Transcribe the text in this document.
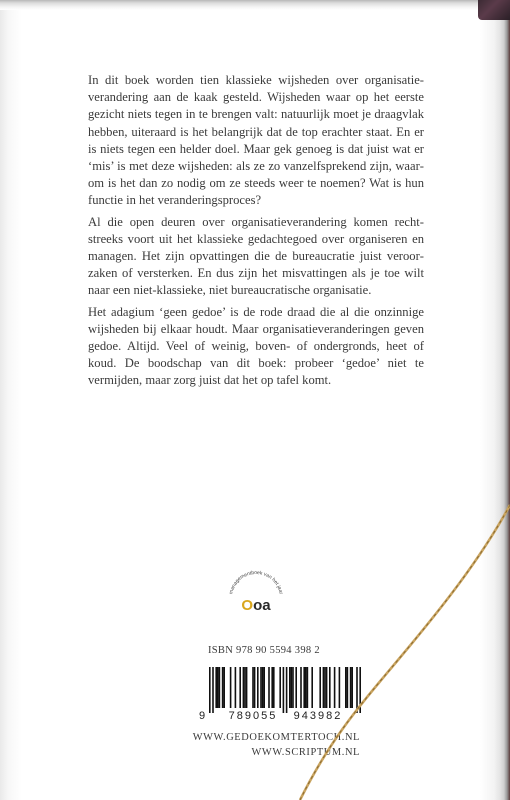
In dit boek worden tien klassieke wijsheden over organisatieverandering aan de kaak gesteld. Wijsheden waar op het eerste gezicht niets tegen in te brengen valt: natuurlijk moet je draagvlak hebben, uiteraard is het belangrijk dat de top erachter staat. En er is niets tegen een helder doel. Maar gek genoeg is dat juist wat er ‘mis’ is met deze wijsheden: als ze zo vanzelfsprekend zijn, waarom is het dan zo nodig om ze steeds weer te noemen? Wat is hun functie in het veranderingsproces?

Al die open deuren over organisatieverandering komen rechtstreeks voort uit het klassieke gedachtegoed over organiseren en managen. Het zijn opvattingen die de bureaucratie juist veroorzaken of versterken. En dus zijn het misvattingen als je toe wilt naar een niet-klassieke, niet bureaucratische organisatie.

Het adagium ‘geen gedoe’ is de rode draad die al die onzinnige wijsheden bij elkaar houdt. Maar organisatieveranderingen geven gedoe. Altijd. Veel of weinig, boven- of ondergronds, heet of koud. De boodschap van dit boek: probeer ‘gedoe’ niet te vermijden, maar zorg juist dat het op tafel komt.

managementboek van het jaar
Ooa
ISBN 978 90 5594 398 2
9 789055 943982
WWW.GEDOEKOMTERTOCH.NL
WWW.SCRIPTUM.NL
